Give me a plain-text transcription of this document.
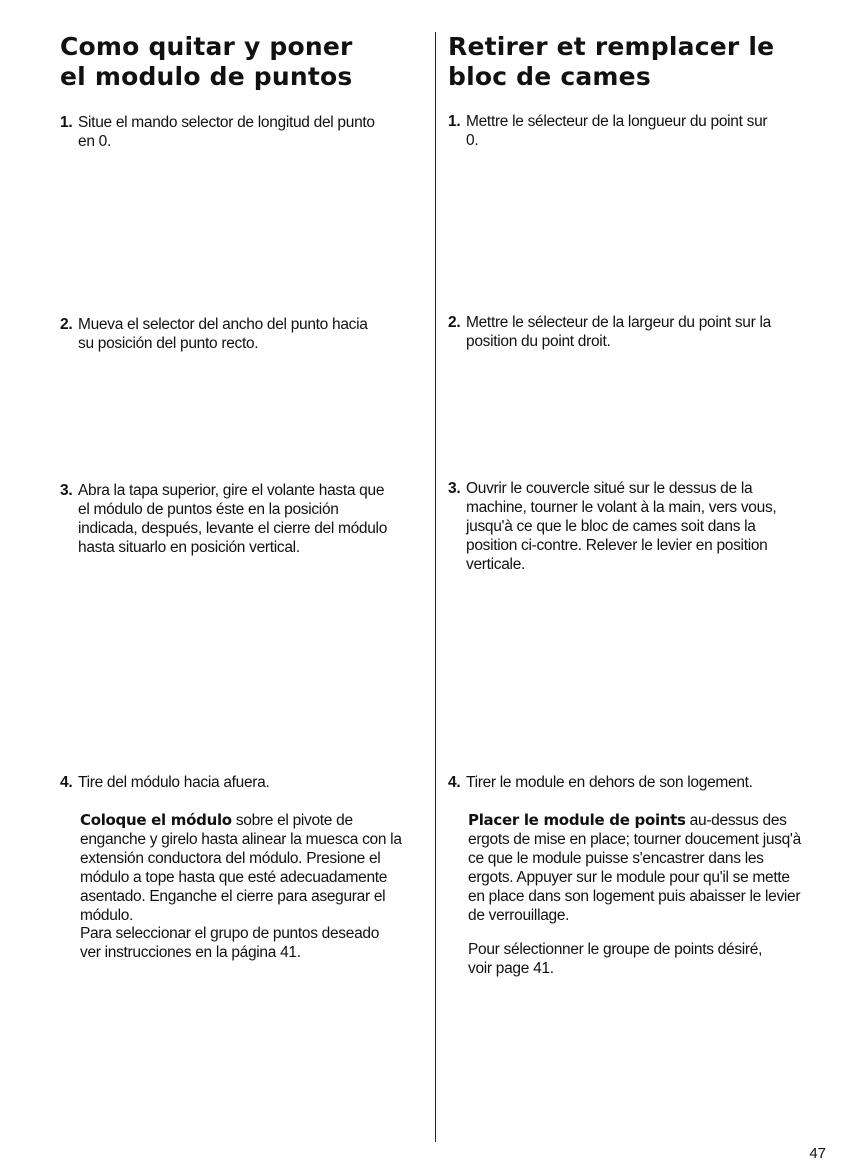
Como quitar y poner
el modulo de puntos

1. Situe el mando selector de longitud del punto en 0.

2. Mueva el selector del ancho del punto hacia su posición del punto recto.

3. Abra la tapa superior, gire el volante hasta que el módulo de puntos éste en la posición indicada, después, levante el cierre del módulo hasta situarlo en posición vertical.

4. Tire del módulo hacia afuera.

Coloque el módulo sobre el pivote de enganche y girelo hasta alinear la muesca con la extensión conductora del módulo. Presione el módulo a tope hasta que esté adecuadamente asentado. Enganche el cierre para asegurar el módulo.

Para seleccionar el grupo de puntos deseado ver instrucciones en la página 41.

Retirer et remplacer le
bloc de cames

1. Mettre le sélecteur de la longueur du point sur 0.

2. Mettre le sélecteur de la largeur du point sur la position du point droit.

3. Ouvrir le couvercle situé sur le dessus de la machine, tourner le volant à la main, vers vous, jusqu'à ce que le bloc de cames soit dans la position ci-contre. Relever le levier en position verticale.

4. Tirer le module en dehors de son logement.

Placer le module de points au-dessus des ergots de mise en place; tourner doucement jusq'à ce que le module puisse s'encastrer dans les ergots. Appuyer sur le module pour qu'il se mette en place dans son logement puis abaisser le levier de verrouillage.

Pour sélectionner le groupe de points désiré, voir page 41.

47
